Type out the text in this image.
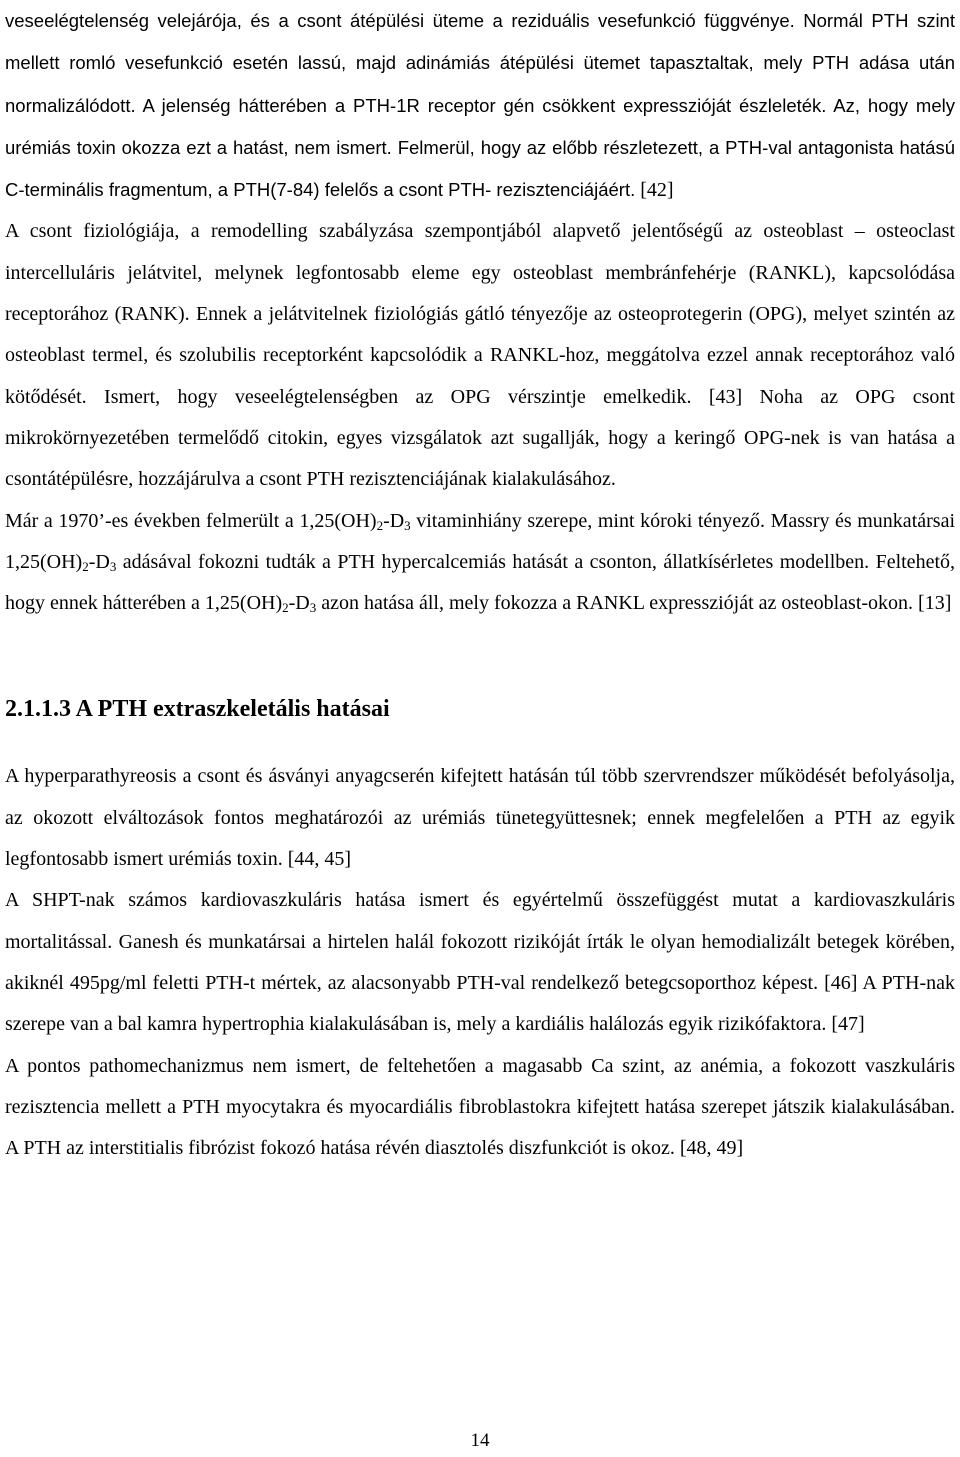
veseelégtelenség velejárója, és a csont átépülési üteme a reziduális vesefunkció függvénye. Normál PTH szint mellett romló vesefunkció esetén lassú, majd adinámiás átépülési ütemet tapasztaltak, mely PTH adása után normalizálódott. A jelenség hátterében a PTH-1R receptor gén csökkent expresszióját észleleték. Az, hogy mely urémiás toxin okozza ezt a hatást, nem ismert. Felmerül, hogy az előbb részletezett, a PTH-val antagonista hatású C-terminális fragmentum, a PTH(7-84) felelős a csont PTH- rezisztenciájáért. [42]

A csont fiziológiája, a remodelling szabályzása szempontjából alapvető jelentőségű az osteoblast – osteoclast intercelluláris jelátvitel, melynek legfontosabb eleme egy osteoblast membránfehérje (RANKL), kapcsolódása receptorához (RANK). Ennek a jelátvitelnek fiziológiás gátló tényezője az osteoprotegerin (OPG), melyet szintén az osteoblast termel, és szolubilis receptorként kapcsolódik a RANKL-hoz, meggátolva ezzel annak receptorához való kötődését. Ismert, hogy veseelégtelenségben az OPG vérszintje emelkedik. [43] Noha az OPG csont mikrokörnyezetében termelődő citokin, egyes vizsgálatok azt sugallják, hogy a keringő OPG-nek is van hatása a csontátépülésre, hozzájárulva a csont PTH rezisztenciájának kialakulásához.

Már a 1970’-es években felmerült a $1,25(OH)_2-D_3$ vitaminhiány szerepe, mint kóroki tényező. Massry és munkatársai $1,25(OH)_2-D_3$ adásával fokozni tudták a PTH hypercalcemiás hatását a csonton, állatkísérletes modellben. Feltehető, hogy ennek hátterében a $1,25(OH)_2-D_3$ azon hatása áll, mely fokozza a RANKL expresszióját az osteoblast-okon. [13]

2.1.1.3 A PTH extraszkeletális hatásai

A hyperparathyreosis a csont és ásványi anyagcserén kifejtett hatásán túl több szervrendszer működését befolyásolja, az okozott elváltozások fontos meghatározói az urémiás tünetegyüttesnek; ennek megfelelően a PTH az egyik legfontosabb ismert urémiás toxin. [44, 45]

A SHPT-nak számos kardiovaszkuláris hatása ismert és egyértelmű összefüggést mutat a kardiovaszkuláris mortalitással. Ganesh és munkatársai a hirtelen halál fokozott rizikóját írták le olyan hemodializált betegek körében, akiknél 495pg/ml feletti PTH-t mértek, az alacsonyabb PTH-val rendelkező betegcsoporthoz képest. [46] A PTH-nak szerepe van a bal kamra hypertrophia kialakulásában is, mely a kardiális halálozás egyik rizikófaktora. [47]

A pontos pathomechanizmus nem ismert, de feltehetően a magasabb Ca szint, az anémia, a fokozott vaszkuláris rezisztencia mellett a PTH myocytakra és myocardiális fibroblastokra kifejtett hatása szerepet játszik kialakulásában. A PTH az interstitialis fibrózist fokozó hatása révén diasztolés diszfunkciót is okoz. [48, 49]

14
